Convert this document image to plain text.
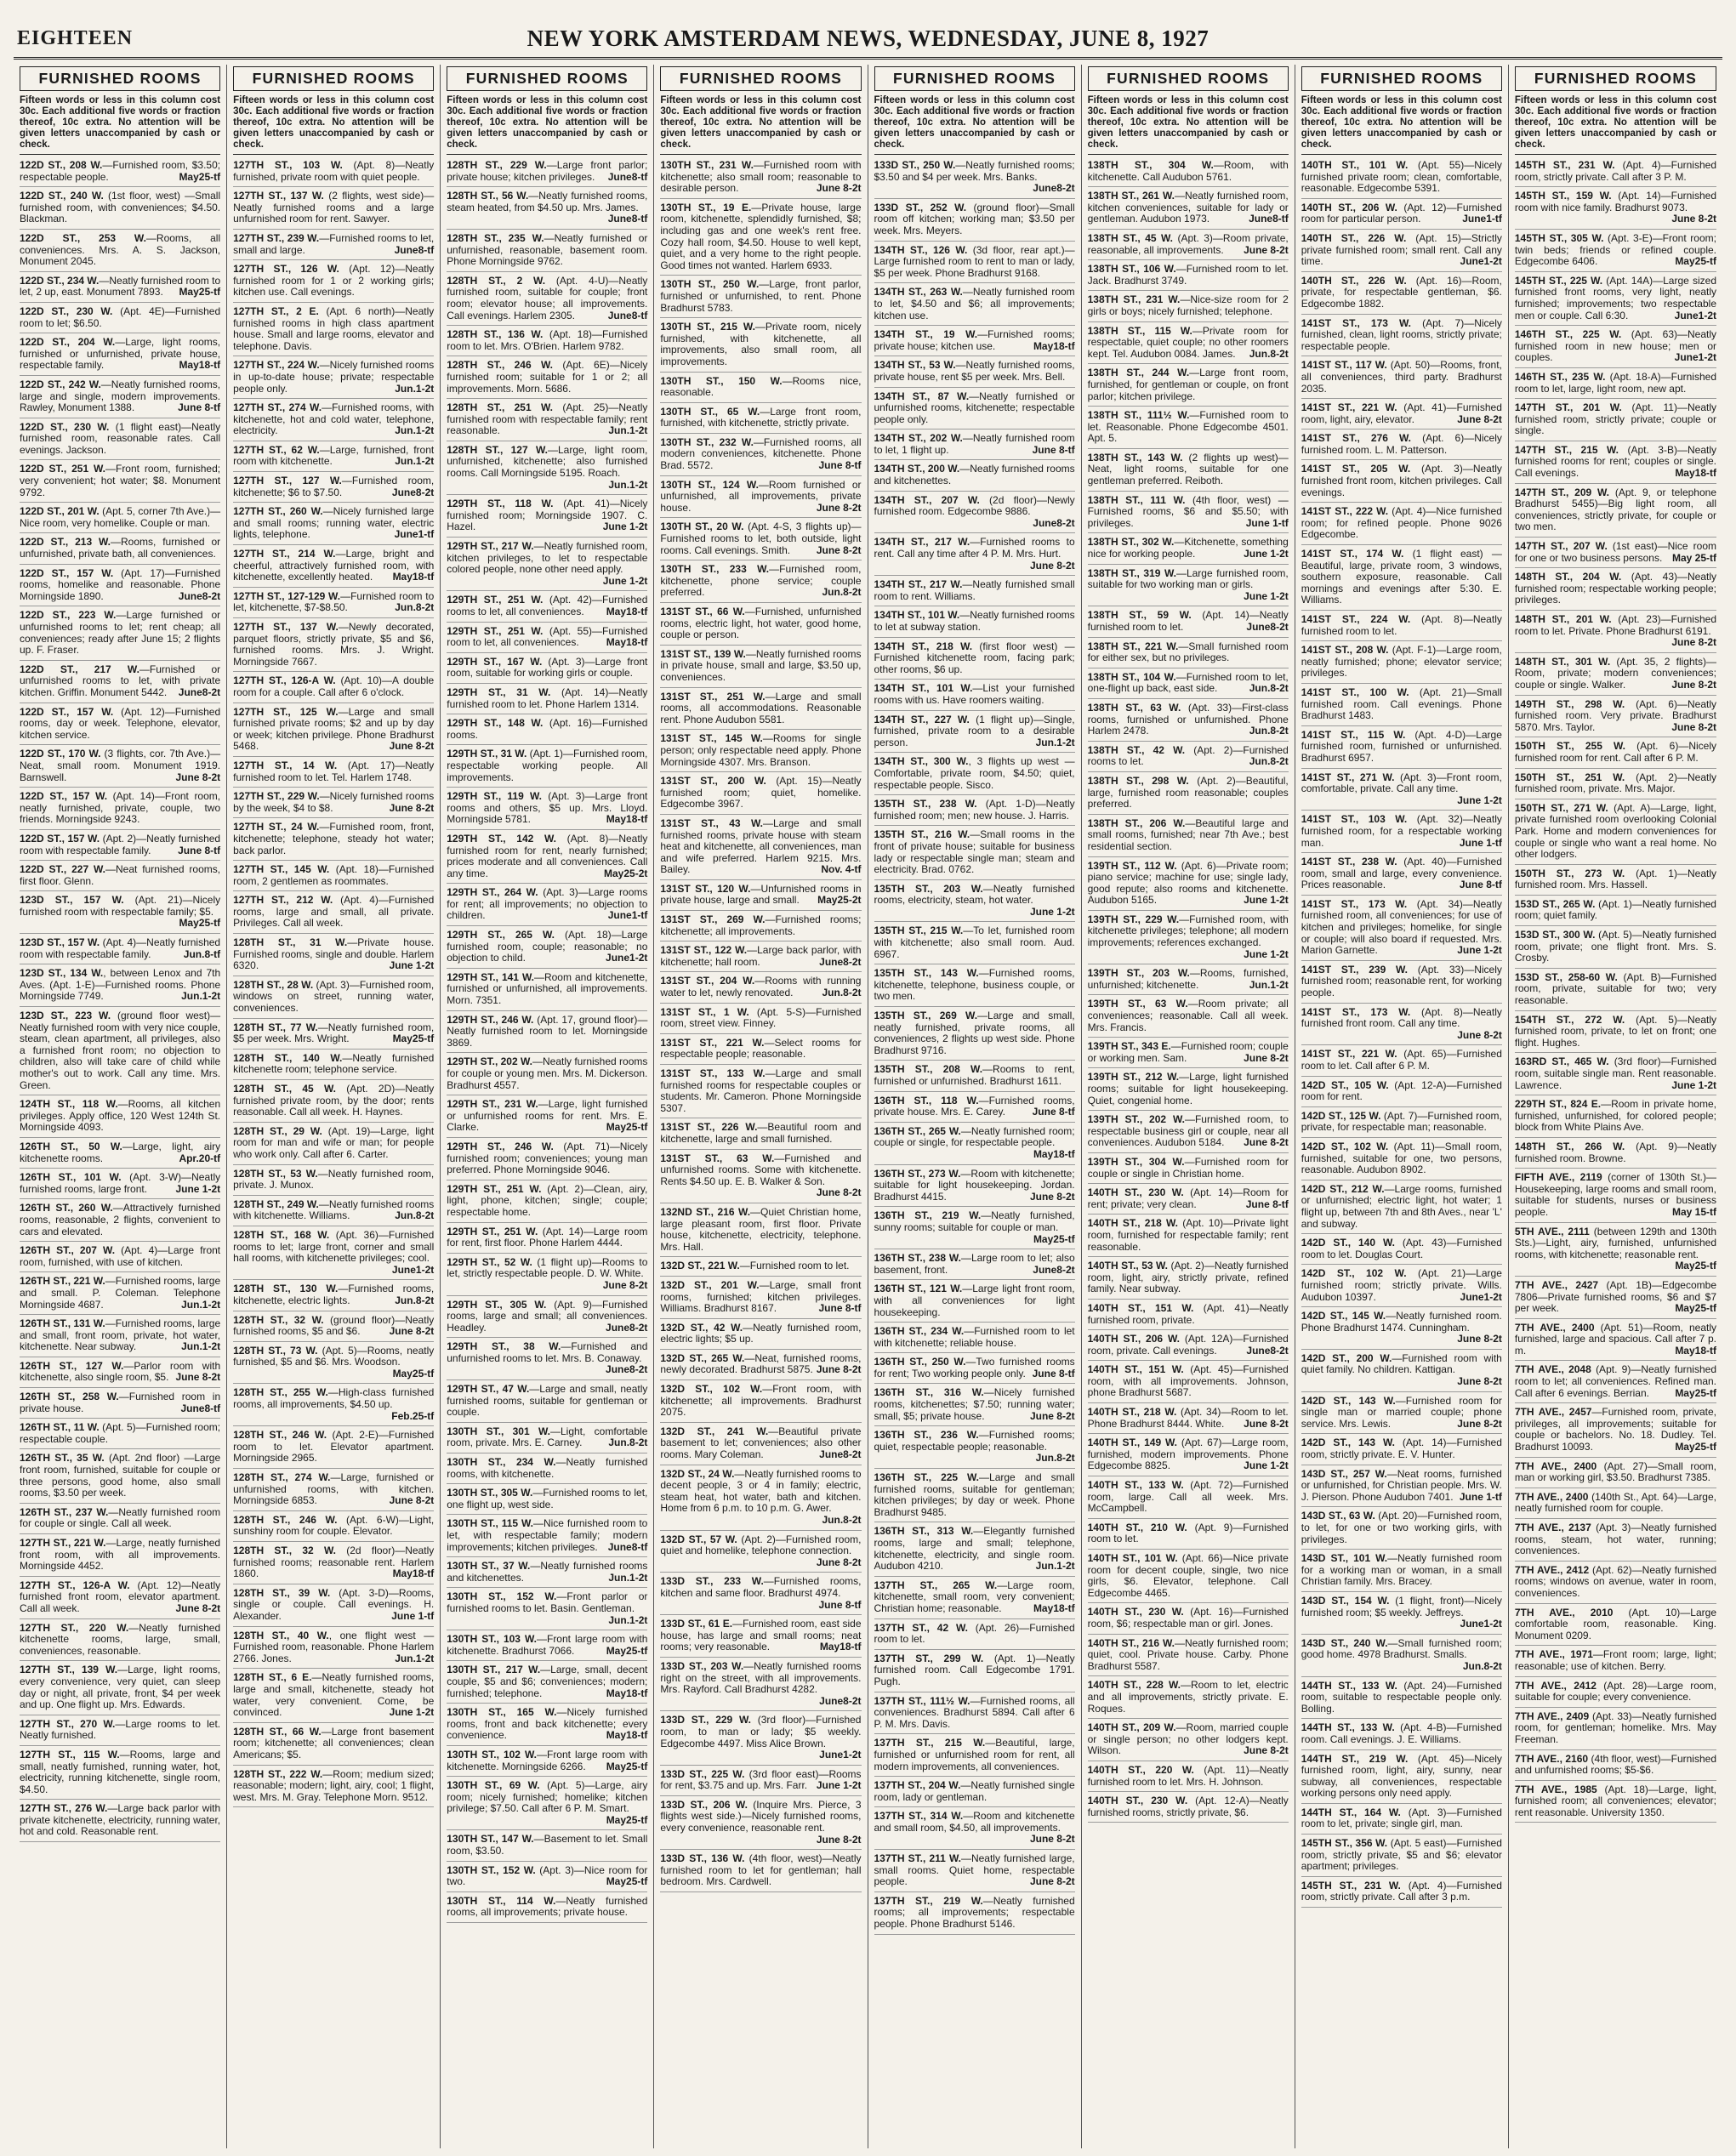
EIGHTEEN	NEW YORK AMSTERDAM NEWS, WEDNESDAY, JUNE 8, 1927
FURNISHED ROOMS
Fifteen words or less in this column cost 30c. Each additional five words or fraction thereof, 10c extra. No attention will be given letters unaccompanied by cash or check.

122D ST., 208 W.—Furnished room, $3.50; respectable people.	May25-tf

122D ST., 240 W. (1st floor, west) —Small furnished room, with conveniences; $4.50. Blackman.

122D ST., 253 W.—Rooms, all conveniences. Mrs. A. S. Jackson, Monument 2045.

122D ST., 234 W.—Neatly furnished room to let, 2 up, east. Monument 7893.	May25-tf

122D ST., 230 W. (Apt. 4E)—Furnished room to let; $6.50.

122D ST., 204 W.—Large, light rooms, furnished or unfurnished, private house, respectable family.	May18-tf

122D ST., 242 W.—Neatly furnished rooms, large and single, modern improvements. Rawley, Monument 1388.	June 8-tf

122D ST., 230 W. (1 flight east)—Neatly furnished room, reasonable rates. Call evenings. Jackson.

122D ST., 251 W.—Front room, furnished; very convenient; hot water; $8. Monument 9792.

122D ST., 201 W. (Apt. 5, corner 7th Ave.)—Nice room, very homelike. Couple or man.

122D ST., 213 W.—Rooms, furnished or unfurnished, private bath, all conveniences.

122D ST., 157 W. (Apt. 17)—Furnished rooms, homelike and reasonable. Phone Morningside 1890.	June8-2t

122D ST., 223 W.—Large furnished or unfurnished rooms to let; rent cheap; all conveniences; ready after June 15; 2 flights up. F. Fraser.

122D ST., 217 W.—Furnished or unfurnished rooms to let, with private kitchen. Griffin. Monument 5442.	June8-2t

122D ST., 157 W. (Apt. 12)—Furnished rooms, day or week. Telephone, elevator, kitchen service.

122D ST., 170 W. (3 flights, cor. 7th Ave.)—Neat, small room. Monument 1919. Barnswell.	June 8-2t

122D ST., 157 W. (Apt. 14)—Front room, neatly furnished, private, couple, two friends. Morningside 9243.

122D ST., 157 W. (Apt. 2)—Neatly furnished room with respectable family.	June 8-tf

122D ST., 227 W.—Neat furnished rooms, first floor. Glenn.

123D ST., 157 W. (Apt. 21)—Nicely furnished room with respectable family; $5.
May25-tf

123D ST., 157 W. (Apt. 4)—Neatly furnished room with respectable family.	Jun.8-tf

123D ST., 134 W., between Lenox and 7th Aves. (Apt. 1-E)—Furnished rooms. Phone Morningside 7749.	Jun.1-2t

123D ST., 223 W. (ground floor west)—Neatly furnished room with very nice couple, steam, clean apartment, all privileges, also a furnished front room; no objection to children, also will take care of child while mother's out to work. Call any time. Mrs. Green.

124TH ST., 118 W.—Rooms, all kitchen privileges. Apply office, 120 West 124th St. Morningside 4093.

126TH ST., 50 W.—Large, light, airy kitchenette rooms.	Apr.20-tf

126TH ST., 101 W. (Apt. 3-W)—Neatly furnished rooms, large front.	June 1-2t

126TH ST., 260 W.—Attractively furnished rooms, reasonable, 2 flights, convenient to cars and elevated.

126TH ST., 207 W. (Apt. 4)—Large front room, furnished, with use of kitchen.

126TH ST., 221 W.—Furnished rooms, large and small. P. Coleman. Telephone Morningside 4687.	Jun.1-2t

126TH ST., 131 W.—Furnished rooms, large and small, front room, private, hot water, kitchenette. Near subway.	Jun.1-2t

126TH ST., 127 W.—Parlor room with kitchenette, also single room, $5. June 8-2t

126TH ST., 258 W.—Furnished room in private house.	June8-tf

126TH ST., 11 W. (Apt. 5)—Furnished room; respectable couple.

126TH ST., 35 W. (Apt. 2nd floor) —Large front room, furnished, suitable for couple or three persons, good home, also small rooms, $3.50 per week.

126TH ST., 237 W.—Neatly furnished room for couple or single. Call all week.

127TH ST., 221 W.—Large, neatly furnished front room, with all improvements. Morningside 4452.

127TH ST., 126-A W. (Apt. 12)—Neatly furnished front room, elevator apartment. Call all week.	June 8-2t

127TH ST., 220 W.—Neatly furnished kitchenette rooms, large, small, conveniences, reasonable.

127TH ST., 139 W.—Large, light rooms, every convenience, very quiet, can sleep day or night, all private, front, $4 per week and up. One flight up. Mrs. Edwards.

127TH ST., 270 W.—Large rooms to let. Neatly furnished.

127TH ST., 115 W.—Rooms, large and small, neatly furnished, running water, hot, electricity, running kitchenette, single room, $4.50.

127TH ST., 276 W.—Large back parlor with private kitchenette, electricity, running water, hot and cold. Reasonable rent.

FURNISHED ROOMS
Fifteen words or less in this column cost 30c. Each additional five words or fraction thereof, 10c extra. No attention will be given letters unaccompanied by cash or check.

127TH ST., 103 W. (Apt. 8)—Neatly furnished, private room with quiet people.

127TH ST., 137 W. (2 flights, west side)—Neatly furnished rooms and a large unfurnished room for rent. Sawyer.

127TH ST., 239 W.—Furnished rooms to let, small and large.	June8-tf

127TH ST., 126 W. (Apt. 12)—Neatly furnished room for 1 or 2 working girls; kitchen use. Call evenings.

127TH ST., 2 E. (Apt. 6 north)—Neatly furnished rooms in high class apartment house. Small and large rooms, elevator and telephone. Davis.

127TH ST., 224 W.—Nicely furnished rooms in up-to-date house; private; respectable people only.	Jun.1-2t

127TH ST., 274 W.—Furnished rooms, with kitchenette, hot and cold water, telephone, electricity.	Jun.1-2t

127TH ST., 62 W.—Large, furnished, front room with kitchenette.	Jun.1-2t

127TH ST., 127 W.—Furnished room, kitchenette; $6 to $7.50.	June8-2t

127TH ST., 260 W.—Nicely furnished large and small rooms; running water, electric lights, telephone.	June1-tf

127TH ST., 214 W.—Large, bright and cheerful, attractively furnished room, with kitchenette, excellently heated.	May18-tf

127TH ST., 127-129 W.—Furnished room to let, kitchenette, $7-$8.50.	Jun.8-2t

127TH ST., 137 W.—Newly decorated, parquet floors, strictly private, $5 and $6, furnished rooms. Mrs. J. Wright. Morningside 7667.

127TH ST., 126-A W. (Apt. 10)—A double room for a couple. Call after 6 o'clock.

127TH ST., 125 W.—Large and small furnished private rooms; $2 and up by day or week; kitchen privilege. Phone Bradhurst 5468.	June 8-2t

127TH ST., 14 W. (Apt. 17)—Neatly furnished room to let. Tel. Harlem 1748.

127TH ST., 229 W.—Nicely furnished rooms by the week, $4 to $8.	June 8-2t

127TH ST., 24 W.—Furnished room, front, kitchenette; telephone, steady hot water; back parlor.

127TH ST., 145 W. (Apt. 18)—Furnished room, 2 gentlemen as roommates.

127TH ST., 212 W. (Apt. 4)—Furnished rooms, large and small, all private. Privileges. Call all week.

128TH ST., 31 W.—Private house. Furnished rooms, single and double. Harlem 6320.	June 1-2t

128TH ST., 28 W. (Apt. 3)—Furnished room, windows on street, running water, conveniences.

128TH ST., 77 W.—Neatly furnished room, $5 per week. Mrs. Wright.	May25-tf

128TH ST., 140 W.—Neatly furnished kitchenette room; telephone service.

128TH ST., 45 W. (Apt. 2D)—Neatly furnished private room, by the door; rents reasonable. Call all week. H. Haynes.

128TH ST., 29 W. (Apt. 19)—Large, light room for man and wife or man; for people who work only. Call after 6. Carter.

128TH ST., 53 W.—Neatly furnished room, private. J. Munox.

128TH ST., 249 W.—Neatly furnished rooms with kitchenette. Williams.	Jun.8-2t

128TH ST., 168 W. (Apt. 36)—Furnished rooms to let; large front, corner and small hall rooms, with kitchenette privileges; cool.
June1-2t

128TH ST., 130 W.—Furnished rooms, kitchenette, electric lights.	Jun.8-2t

128TH ST., 32 W. (ground floor)—Neatly furnished rooms, $5 and $6.	June 8-2t

128TH ST., 73 W. (Apt. 5)—Rooms, neatly furnished, $5 and $6. Mrs. Woodson.
May25-tf

128TH ST., 255 W.—High-class furnished rooms, all improvements, $4.50 up.
Feb.25-tf

128TH ST., 246 W. (Apt. 2-E)—Furnished room to let. Elevator apartment. Morningside 2965.

128TH ST., 274 W.—Large, furnished or unfurnished rooms, with kitchen. Morningside 6853.	June 8-2t

128TH ST., 246 W. (Apt. 6-W)—Light, sunshiny room for couple. Elevator.

128TH ST., 32 W. (2d floor)—Neatly furnished rooms; reasonable rent. Harlem 1860.	May18-tf

128TH ST., 39 W. (Apt. 3-D)—Rooms, single or couple. Call evenings. H. Alexander.	June 1-tf

128TH ST., 40 W., one flight west —Furnished room, reasonable. Phone Harlem 2766. Jones.	Jun.1-2t

128TH ST., 6 E.—Neatly furnished rooms, large and small, kitchenette, steady hot water, very convenient. Come, be convinced.	June 1-2t

128TH ST., 66 W.—Large front basement room; kitchenette; all conveniences; clean Americans; $5.

128TH ST., 222 W.—Room; medium sized; reasonable; modern; light, airy, cool; 1 flight, west. Mrs. M. Gray. Telephone Morn. 9512.

FURNISHED ROOMS
Fifteen words or less in this column cost 30c. Each additional five words or fraction thereof, 10c extra. No attention will be given letters unaccompanied by cash or check.

128TH ST., 229 W.—Large front parlor; private house; kitchen privileges.	June8-tf

128TH ST., 56 W.—Neatly furnished rooms, steam heated, from $4.50 up. Mrs. James.
June8-tf

128TH ST., 235 W.—Neatly furnished or unfurnished, reasonable, basement room. Phone Morningside 9762.

128TH ST., 2 W. (Apt. 4-U)—Neatly furnished room, suitable for couple; front room; elevator house; all improvements. Call evenings. Harlem 2305.	June8-tf

128TH ST., 136 W. (Apt. 18)—Furnished room to let. Mrs. O'Brien. Harlem 9782.

128TH ST., 246 W. (Apt. 6E)—Nicely furnished room; suitable for 1 or 2; all improvements. Morn. 5686.

128TH ST., 251 W. (Apt. 25)—Neatly furnished room with respectable family; rent reasonable.	Jun.1-2t

128TH ST., 127 W.—Large, light room, unfurnished, kitchenette; also furnished rooms. Call Morningside 5195. Roach.
Jun.1-2t

129TH ST., 118 W. (Apt. 41)—Nicely furnished room; Morningside 1907. C. Hazel.	June 1-2t

129TH ST., 217 W.—Neatly furnished room, kitchen privileges, to let to respectable colored people, none other need apply.
June 1-2t

129TH ST., 251 W. (Apt. 42)—Furnished rooms to let, all conveniences.	May18-tf

129TH ST., 251 W. (Apt. 55)—Furnished room to let, all conveniences.	May18-tf

129TH ST., 167 W. (Apt. 3)—Large front room, suitable for working girls or couple.

129TH ST., 31 W. (Apt. 14)—Neatly furnished room to let. Phone Harlem 1314.

129TH ST., 148 W. (Apt. 16)—Furnished rooms.

129TH ST., 31 W. (Apt. 1)—Furnished room, respectable working people. All improvements.

129TH ST., 119 W. (Apt. 3)—Large front rooms and others, $5 up. Mrs. Lloyd. Morningside 5781.	May18-tf

129TH ST., 142 W. (Apt. 8)—Neatly furnished room for rent, nearly furnished; prices moderate and all conveniences. Call any time.	May25-2t

129TH ST., 264 W. (Apt. 3)—Large rooms for rent; all improvements; no objection to children.	June1-tf

129TH ST., 265 W. (Apt. 18)—Large furnished room, couple; reasonable; no objection to child.	June1-2t

129TH ST., 141 W.—Room and kitchenette, furnished or unfurnished, all improvements. Morn. 7351.

129TH ST., 246 W. (Apt. 17, ground floor)—Neatly furnished room to let. Morningside 3869.

129TH ST., 202 W.—Neatly furnished rooms for couple or young men. Mrs. M. Dickerson. Bradhurst 4557.

129TH ST., 231 W.—Large, light furnished or unfurnished rooms for rent. Mrs. E. Clarke.	May25-tf

129TH ST., 246 W. (Apt. 71)—Nicely furnished room; conveniences; young man preferred. Phone Morningside 9046.

129TH ST., 251 W. (Apt. 2)—Clean, airy, light, phone, kitchen; single; couple; respectable home.

129TH ST., 251 W. (Apt. 14)—Large room for rent, first floor. Phone Harlem 4444.

129TH ST., 52 W. (1 flight up)—Rooms to let, strictly respectable people. D. W. White.
June 8-2t

129TH ST., 305 W. (Apt. 9)—Furnished rooms, large and small; all conveniences. Headley.	June8-2t

129TH ST., 38 W.—Furnished and unfurnished rooms to let. Mrs. B. Conaway.
June8-2t

129TH ST., 47 W.—Large and small, neatly furnished rooms, suitable for gentleman or couple.

130TH ST., 301 W.—Light, comfortable room, private. Mrs. E. Carney.	Jun.8-2t

130TH ST., 234 W.—Neatly furnished rooms, with kitchenette.

130TH ST., 305 W.—Furnished rooms to let, one flight up, west side.

130TH ST., 115 W.—Nice furnished room to let, with respectable family; modern improvements; kitchen privileges.	June8-tf

130TH ST., 37 W.—Neatly furnished rooms and kitchenettes.	Jun.1-2t

130TH ST., 152 W.—Front parlor or furnished rooms to let. Basin. Gentleman.
Jun.1-2t

130TH ST., 103 W.—Front large room with kitchenette. Bradhurst 7066.	May25-tf

130TH ST., 217 W.—Large, small, decent couple, $5 and $6; conveniences; modern; furnished; telephone.	May18-tf

130TH ST., 165 W.—Nicely furnished rooms, front and back kitchenette; every convenience.	May18-tf

130TH ST., 102 W.—Front large room with kitchenette. Morningside 6266.	May25-tf

130TH ST., 69 W. (Apt. 5)—Large, airy room; nicely furnished; homelike; kitchen privilege; $7.50. Call after 6 P. M. Smart.
May25-tf

130TH ST., 147 W.—Basement to let. Small room, $3.50.

130TH ST., 152 W. (Apt. 3)—Nice room for two.	May25-tf

130TH ST., 114 W.—Neatly furnished rooms, all improvements; private house.

FURNISHED ROOMS
Fifteen words or less in this column cost 30c. Each additional five words or fraction thereof, 10c extra. No attention will be given letters unaccompanied by cash or check.

130TH ST., 231 W.—Furnished room with kitchenette; also small room; reasonable to desirable person.	June 8-2t

130TH ST., 19 E.—Private house, large room, kitchenette, splendidly furnished, $8; including gas and one week's rent free. Cozy hall room, $4.50. House to well kept, quiet, and a very home to the right people. Good times not wanted. Harlem 6933.

130TH ST., 250 W.—Large, front parlor, furnished or unfurnished, to rent. Phone Bradhurst 5783.

130TH ST., 215 W.—Private room, nicely furnished, with kitchenette, all improvements, also small room, all improvements.

130TH ST., 150 W.—Rooms nice, reasonable.

130TH ST., 65 W.—Large front room, furnished, with kitchenette, strictly private.

130TH ST., 232 W.—Furnished rooms, all modern conveniences, kitchenette. Phone Brad. 5572.	June 8-tf

130TH ST., 124 W.—Room furnished or unfurnished, all improvements, private house.	June 8-2t

130TH ST., 20 W. (Apt. 4-S, 3 flights up)—Furnished rooms to let, both outside, light rooms. Call evenings. Smith.	June 8-2t

130TH ST., 233 W.—Furnished room, kitchenette, phone service; couple preferred.	Jun.8-2t

131ST ST., 66 W.—Furnished, unfurnished rooms, electric light, hot water, good home, couple or person.

131ST ST., 139 W.—Neatly furnished rooms in private house, small and large, $3.50 up, conveniences.

131ST ST., 251 W.—Large and small rooms, all accommodations. Reasonable rent. Phone Audubon 5581.

131ST ST., 145 W.—Rooms for single person; only respectable need apply. Phone Morningside 4307. Mrs. Branson.

131ST ST., 200 W. (Apt. 15)—Neatly furnished room; quiet, homelike. Edgecombe 3967.

131ST ST., 43 W.—Large and small furnished rooms, private house with steam heat and kitchenette, all conveniences, man and wife preferred. Harlem 9215. Mrs. Bailey.	Nov. 4-tf

131ST ST., 120 W.—Unfurnished rooms in private house, large and small.	May25-2t

131ST ST., 269 W.—Furnished rooms; kitchenette; all improvements.

131ST ST., 122 W.—Large back parlor, with kitchenette; hall room.	June8-2t

131ST ST., 204 W.—Rooms with running water to let, newly renovated.	Jun.8-2t

131ST ST., 1 W. (Apt. 5-S)—Furnished room, street view. Finney.

131ST ST., 221 W.—Select rooms for respectable people; reasonable.

131ST ST., 133 W.—Large and small furnished rooms for respectable couples or students. Mr. Cameron. Phone Morningside 5307.

131ST ST., 226 W.—Beautiful room and kitchenette, large and small furnished.

131ST ST., 63 W.—Furnished and unfurnished rooms. Some with kitchenette. Rents $4.50 up. E. B. Walker & Son.
June 8-2t

132ND ST., 216 W.—Quiet Christian home, large pleasant room, first floor. Private house, kitchenette, electricity, telephone. Mrs. Hall.

132D ST., 221 W.—Furnished room to let.

132D ST., 201 W.—Large, small front rooms, furnished; kitchen privileges. Williams. Bradhurst 8167.	June 8-tf

132D ST., 42 W.—Neatly furnished room, electric lights; $5 up.

132D ST., 265 W.—Neat, furnished rooms, newly decorated. Bradhurst 5875. June 8-2t

132D ST., 102 W.—Front room, with kitchenette; all improvements. Bradhurst 2075.

132D ST., 241 W.—Beautiful private basement to let; conveniences; also other rooms. Mary Coleman.	June8-2t

132D ST., 24 W.—Neatly furnished rooms to decent people, 3 or 4 in family; electric, steam heat, hot water, bath and kitchen. Home from 6 p.m. to 10 p.m. G. Awer.
Jun.8-2t

132D ST., 57 W. (Apt. 2)—Furnished room, quiet and homelike, telephone connection.
June 8-2t

133D ST., 233 W.—Furnished rooms, kitchen and same floor. Bradhurst 4974.
June 8-tf

133D ST., 61 E.—Furnished room, east side house, has large and small rooms; neat rooms; very reasonable.	May18-tf

133D ST., 203 W.—Neatly furnished rooms right on the street, with all improvements. Mrs. Rayford. Call Bradhurst 4282.
June8-2t

133D ST., 229 W. (3rd floor)—Furnished room, to man or lady; $5 weekly. Edgecombe 4497. Miss Alice Brown.
June1-2t

133D ST., 225 W. (3rd floor east)—Rooms for rent, $3.75 and up. Mrs. Farr. June 1-2t

133D ST., 206 W. (Inquire Mrs. Pierce, 3 flights west side.)—Nicely furnished rooms, every convenience, reasonable rent.
June 8-2t

133D ST., 136 W. (4th floor, west)—Neatly furnished room to let for gentleman; hall bedroom. Mrs. Cardwell.

FURNISHED ROOMS
Fifteen words or less in this column cost 30c. Each additional five words or fraction thereof, 10c extra. No attention will be given letters unaccompanied by cash or check.

133D ST., 250 W.—Neatly furnished rooms; $3.50 and $4 per week. Mrs. Banks.
June8-2t

133D ST., 252 W. (ground floor)—Small room off kitchen; working man; $3.50 per week. Mrs. Meyers.

134TH ST., 126 W. (3d floor, rear apt.)—Large furnished room to rent to man or lady, $5 per week. Phone Bradhurst 9168.

134TH ST., 263 W.—Neatly furnished room to let, $4.50 and $6; all improvements; kitchen use.

134TH ST., 19 W.—Furnished rooms; private house; kitchen use.	May18-tf

134TH ST., 53 W.—Neatly furnished rooms, private house, rent $5 per week. Mrs. Bell.

134TH ST., 87 W.—Neatly furnished or unfurnished rooms, kitchenette; respectable people only.

134TH ST., 202 W.—Neatly furnished room to let, 1 flight up.	June 8-tf

134TH ST., 200 W.—Neatly furnished rooms and kitchenettes.

134TH ST., 207 W. (2d floor)—Newly furnished room. Edgecombe 9886.
June8-2t

134TH ST., 217 W.—Furnished rooms to rent. Call any time after 4 P. M. Mrs. Hurt.
June 8-2t

134TH ST., 217 W.—Neatly furnished small room to rent. Williams.

134TH ST., 101 W.—Neatly furnished rooms to let at subway station.

134TH ST., 218 W. (first floor west) —Furnished kitchenette room, facing park; other rooms, $6 up.

134TH ST., 101 W.—List your furnished rooms with us. Have roomers waiting.

134TH ST., 227 W. (1 flight up)—Single, furnished, private room to a desirable person.	Jun.1-2t

134TH ST., 300 W., 3 flights up west — Comfortable, private room, $4.50; quiet, respectable people. Sisco.

135TH ST., 238 W. (Apt. 1-D)—Neatly furnished room; men; new house. J. Harris.

135TH ST., 216 W.—Small rooms in the front of private house; suitable for business lady or respectable single man; steam and electricity. Brad. 0762.

135TH ST., 203 W.—Neatly furnished rooms, electricity, steam, hot water.
June 1-2t

135TH ST., 215 W.—To let, furnished room with kitchenette; also small room. Aud. 6967.

135TH ST., 143 W.—Furnished rooms, kitchenette, telephone, business couple, or two men.

135TH ST., 269 W.—Large and small, neatly furnished, private rooms, all conveniences, 2 flights up west side. Phone Bradhurst 9716.

135TH ST., 208 W.—Rooms to rent, furnished or unfurnished. Bradhurst 1611.

136TH ST., 118 W.—Furnished rooms, private house. Mrs. E. Carey.	June 8-tf

136TH ST., 265 W.—Neatly furnished room; couple or single, for respectable people.
May18-tf

136TH ST., 273 W.—Room with kitchenette; suitable for light housekeeping. Jordan. Bradhurst 4415.	June 8-2t

136TH ST., 219 W.—Neatly furnished, sunny rooms; suitable for couple or man.
May25-tf

136TH ST., 238 W.—Large room to let; also basement, front.	June8-2t

136TH ST., 121 W.—Large light front room, with all conveniences for light housekeeping.

136TH ST., 234 W.—Furnished room to let with kitchenette; reliable house.

136TH ST., 250 W.—Two furnished rooms for rent; Two working people only. June 8-tf

136TH ST., 316 W.—Nicely furnished rooms, kitchenettes; $7.50; running water; small, $5; private house.	June 8-2t

136TH ST., 236 W.—Furnished rooms; quiet, respectable people; reasonable.
Jun.8-2t

136TH ST., 225 W.—Large and small furnished rooms, suitable for gentleman; kitchen privileges; by day or week. Phone Bradhurst 9485.

136TH ST., 313 W.—Elegantly furnished rooms, large and small; telephone, kitchenette, electricity, and single room. Audubon 4210.	Jun.1-2t

137TH ST., 265 W.—Large room, kitchenette, small room, very convenient; Christian home; reasonable.	May18-tf

137TH ST., 42 W. (Apt. 26)—Furnished room to let.

137TH ST., 299 W. (Apt. 1)—Neatly furnished room. Call Edgecombe 1791. Pugh.

137TH ST., 111½ W.—Furnished rooms, all conveniences. Bradhurst 5894. Call after 6 P. M. Mrs. Davis.

137TH ST., 215 W.—Beautiful, large, furnished or unfurnished room for rent, all modern improvements, all conveniences.

137TH ST., 204 W.—Neatly furnished single room, lady or gentleman.

137TH ST., 314 W.—Room and kitchenette and small room, $4.50, all improvements.
June 8-2t

137TH ST., 211 W.—Neatly furnished large, small rooms. Quiet home, respectable people.	June 8-2t

137TH ST., 219 W.—Neatly furnished rooms; all improvements; respectable people. Phone Bradhurst 5146.

FURNISHED ROOMS
Fifteen words or less in this column cost 30c. Each additional five words or fraction thereof, 10c extra. No attention will be given letters unaccompanied by cash or check.

138TH ST., 304 W.—Room, with kitchenette. Call Audubon 5761.

138TH ST., 261 W.—Neatly furnished room, kitchen conveniences, suitable for lady or gentleman. Audubon 1973.	June8-tf

138TH ST., 45 W. (Apt. 3)—Room private, reasonable, all improvements.	June 8-2t

138TH ST., 106 W.—Furnished room to let. Jack. Bradhurst 3749.

138TH ST., 231 W.—Nice-size room for 2 girls or boys; nicely furnished; telephone.

138TH ST., 115 W.—Private room for respectable, quiet couple; no other roomers kept. Tel. Audubon 0084. James.	Jun.8-2t

138TH ST., 244 W.—Large front room, furnished, for gentleman or couple, on front parlor; kitchen privilege.

138TH ST., 111½ W.—Furnished room to let. Reasonable. Phone Edgecombe 4501. Apt. 5.

138TH ST., 143 W. (2 flights up west)—Neat, light rooms, suitable for one gentleman preferred. Reiboth.

138TH ST., 111 W. (4th floor, west) —Furnished rooms, $6 and $5.50; with privileges.	June 1-tf

138TH ST., 302 W.—Kitchenette, something nice for working people.	June 1-2t

138TH ST., 319 W.—Large furnished room, suitable for two working man or girls.
June 1-2t

138TH ST., 59 W. (Apt. 14)—Neatly furnished room to let.	June8-2t

138TH ST., 221 W.—Small furnished room for either sex, but no privileges.

138TH ST., 104 W.—Furnished room to let, one-flight up back, east side.	Jun.8-2t

138TH ST., 63 W. (Apt. 33)—First-class rooms, furnished or unfurnished. Phone Harlem 2478.	Jun.8-2t

138TH ST., 42 W. (Apt. 2)—Furnished rooms to let.	Jun.8-2t

138TH ST., 298 W. (Apt. 2)—Beautiful, large, furnished room reasonable; couples preferred.

138TH ST., 206 W.—Beautiful large and small rooms, furnished; near 7th Ave.; best residential section.

139TH ST., 112 W. (Apt. 6)—Private room; piano service; machine for use; single lady, good repute; also rooms and kitchenette. Audubon 5165.	June 1-2t

139TH ST., 229 W.—Furnished room, with kitchenette privileges; telephone; all modern improvements; references exchanged.
June 1-2t

139TH ST., 203 W.—Rooms, furnished, unfurnished; kitchenette.	Jun.1-2t

139TH ST., 63 W.—Room private; all conveniences; reasonable. Call all week. Mrs. Francis.

139TH ST., 343 E.—Furnished room; couple or working men. Sam.	June 8-2t

139TH ST., 212 W.—Large, light furnished rooms; suitable for light housekeeping. Quiet, congenial home.

139TH ST., 202 W.—Furnished room, to respectable business girl or couple, near all conveniences. Audubon 5184.	June 8-2t

139TH ST., 304 W.—Furnished room for couple or single in Christian home.

140TH ST., 230 W. (Apt. 14)—Room for rent; private; very clean.	June 8-tf

140TH ST., 218 W. (Apt. 10)—Private light room, furnished for respectable family; rent reasonable.

140TH ST., 53 W. (Apt. 2)—Neatly furnished room, light, airy, strictly private, refined family. Near subway.

140TH ST., 151 W. (Apt. 41)—Neatly furnished room, private.

140TH ST., 206 W. (Apt. 12A)—Furnished room, private. Call evenings.	June8-2t

140TH ST., 151 W. (Apt. 45)—Furnished room, with all improvements. Johnson, phone Bradhurst 5687.

140TH ST., 218 W. (Apt. 34)—Room to let. Phone Bradhurst 8444. White.	June 8-2t

140TH ST., 149 W. (Apt. 67)—Large room, furnished, modern improvements. Phone Edgecombe 8825.	June 1-2t

140TH ST., 133 W. (Apt. 72)—Furnished room, large. Call all week. Mrs. McCampbell.

140TH ST., 210 W. (Apt. 9)—Furnished room to let.

140TH ST., 101 W. (Apt. 66)—Nice private room for decent couple, single, two nice girls, $6. Elevator, telephone. Call Edgecombe 4465.

140TH ST., 230 W. (Apt. 16)—Furnished room, $6; respectable man or girl. Jones.

140TH ST., 216 W.—Neatly furnished room; quiet, cool. Private house. Carby. Phone Bradhurst 5587.

140TH ST., 228 W.—Room to let, electric and all improvements, strictly private. E. Roques.

140TH ST., 209 W.—Room, married couple or single person; no other lodgers kept. Wilson.	June 8-2t

140TH ST., 220 W. (Apt. 11)—Neatly furnished room to let. Mrs. H. Johnson.

140TH ST., 230 W. (Apt. 12-A)—Neatly furnished rooms, strictly private, $6.

FURNISHED ROOMS
Fifteen words or less in this column cost 30c. Each additional five words or fraction thereof, 10c extra. No attention will be given letters unaccompanied by cash or check.

140TH ST., 101 W. (Apt. 55)—Nicely furnished private room; clean, comfortable, reasonable. Edgecombe 5391.

140TH ST., 206 W. (Apt. 12)—Furnished room for particular person.	June1-tf

140TH ST., 226 W. (Apt. 15)—Strictly private furnished room; small rent. Call any time.	June1-2t

140TH ST., 226 W. (Apt. 16)—Room, private, for respectable gentleman, $6. Edgecombe 1882.

141ST ST., 173 W. (Apt. 7)—Nicely furnished, clean, light rooms, strictly private; respectable people.

141ST ST., 117 W. (Apt. 50)—Rooms, front, all conveniences, third party. Bradhurst 2035.

141ST ST., 221 W. (Apt. 41)—Furnished room, light, airy, elevator.	June 8-2t

141ST ST., 276 W. (Apt. 6)—Nicely furnished room. L. M. Patterson.

141ST ST., 205 W. (Apt. 3)—Neatly furnished front room, kitchen privileges. Call evenings.

141ST ST., 222 W. (Apt. 4)—Nice furnished room; for refined people. Phone 9026 Edgecombe.

141ST ST., 174 W. (1 flight east) —Beautiful, large, private room, 3 windows, southern exposure, reasonable. Call mornings and evenings after 5:30. E. Williams.

141ST ST., 224 W. (Apt. 8)—Neatly furnished room to let.

141ST ST., 208 W. (Apt. F-1)—Large room, neatly furnished; phone; elevator service; privileges.

141ST ST., 100 W. (Apt. 21)—Small furnished room. Call evenings. Phone Bradhurst 1483.

141ST ST., 115 W. (Apt. 4-D)—Large furnished room, furnished or unfurnished. Bradhurst 6957.

141ST ST., 271 W. (Apt. 3)—Front room, comfortable, private. Call any time.
June 1-2t

141ST ST., 103 W. (Apt. 32)—Neatly furnished room, for a respectable working man.	June 1-tf

141ST ST., 238 W. (Apt. 40)—Furnished room, small and large, every convenience. Prices reasonable.	June 8-tf

141ST ST., 173 W. (Apt. 34)—Neatly furnished room, all conveniences; for use of kitchen and privileges; homelike, for single or couple; will also board if requested. Mrs. Marion Garnette.	June 1-2t

141ST ST., 239 W. (Apt. 33)—Nicely furnished room; reasonable rent, for working people.

141ST ST., 173 W. (Apt. 8)—Neatly furnished front room. Call any time.
June 8-2t

141ST ST., 221 W. (Apt. 65)—Furnished room to let. Call after 6 P. M.

142D ST., 105 W. (Apt. 12-A)—Furnished room for rent.

142D ST., 125 W. (Apt. 7)—Furnished room, private, for respectable man; reasonable.

142D ST., 102 W. (Apt. 11)—Small room, furnished, suitable for one, two persons, reasonable. Audubon 8902.

142D ST., 212 W.—Large rooms, furnished or unfurnished; electric light, hot water; 1 flight up, between 7th and 8th Aves., near 'L' and subway.

142D ST., 140 W. (Apt. 43)—Furnished room to let. Douglas Court.

142D ST., 102 W. (Apt. 21)—Large furnished room; strictly private. Wills. Audubon 10397.	June1-2t

142D ST., 145 W.—Neatly furnished room. Phone Bradhurst 1474. Cunningham.
June 8-2t

142D ST., 200 W.—Furnished room with quiet family. No children. Kattigan.
June 8-2t

142D ST., 143 W.—Furnished room for single man or married couple; phone service. Mrs. Lewis.	June 8-2t

142D ST., 143 W. (Apt. 14)—Furnished room, strictly private. E. V. Hunter.

143D ST., 257 W.—Neat rooms, furnished or unfurnished, for Christian people. Mrs. W. J. Pierson. Phone Audubon 7401. June 1-tf

143D ST., 63 W. (Apt. 20)—Furnished room, to let, for one or two working girls, with privileges.

143D ST., 101 W.—Neatly furnished room for a working man or woman, in a small Christian family. Mrs. Bracey.

143D ST., 154 W. (1 flight, front)—Nicely furnished room; $5 weekly. Jeffreys.
June1-2t

143D ST., 240 W.—Small furnished room; good home. 4978 Bradhurst. Smalls.
Jun.8-2t

144TH ST., 133 W. (Apt. 24)—Furnished room, suitable to respectable people only. Bolling.

144TH ST., 133 W. (Apt. 4-B)—Furnished room. Call evenings. J. E. Williams.

144TH ST., 219 W. (Apt. 45)—Nicely furnished room, light, airy, sunny, near subway, all conveniences, respectable working persons only need apply.

144TH ST., 164 W. (Apt. 3)—Furnished room to let, private; single girl, man.

145TH ST., 356 W. (Apt. 5 east)—Furnished room, strictly private, $5 and $6; elevator apartment; privileges.

145TH ST., 231 W. (Apt. 4)—Furnished room, strictly private. Call after 3 p.m.

FURNISHED ROOMS
Fifteen words or less in this column cost 30c. Each additional five words or fraction thereof, 10c extra. No attention will be given letters unaccompanied by cash or check.

145TH ST., 231 W. (Apt. 4)—Furnished room, strictly private. Call after 3 P. M.

145TH ST., 159 W. (Apt. 14)—Furnished room with nice family. Bradhurst 9073.
June 8-2t

145TH ST., 305 W. (Apt. 3-E)—Front room; twin beds; friends or refined couple. Edgecombe 6406.	May25-tf

145TH ST., 225 W. (Apt. 14A)—Large sized furnished front rooms, very light, neatly furnished; improvements; two respectable men or couple. Call 6:30.	June1-2t

146TH ST., 225 W. (Apt. 63)—Neatly furnished room in new house; men or couples.	June1-2t

146TH ST., 235 W. (Apt. 18-A)—Furnished room to let, large, light room, new apt.

147TH ST., 201 W. (Apt. 11)—Neatly furnished room, strictly private; couple or single.

147TH ST., 215 W. (Apt. 3-B)—Neatly furnished rooms for rent; couples or single. Call evenings.	May18-tf

147TH ST., 209 W. (Apt. 9, or telephone Bradhurst 5455)—Big light room, all conveniences, strictly private, for couple or two men.

147TH ST., 207 W. (1st east)—Nice room for one or two business persons. May 25-tf

148TH ST., 204 W. (Apt. 43)—Neatly furnished room; respectable working people; privileges.

148TH ST., 201 W. (Apt. 23)—Furnished room to let. Private. Phone Bradhurst 6191.
June 8-2t

148TH ST., 301 W. (Apt. 35, 2 flights)—Room, private; modern conveniences; couple or single. Walker.	June 8-2t

149TH ST., 298 W. (Apt. 6)—Neatly furnished room. Very private. Bradhurst 5870. Mrs. Taylor.	June 8-2t

150TH ST., 255 W. (Apt. 6)—Nicely furnished room for rent. Call after 6 P. M.

150TH ST., 251 W. (Apt. 2)—Neatly furnished room, private. Mrs. Major.

150TH ST., 271 W. (Apt. A)—Large, light, private furnished room overlooking Colonial Park. Home and modern conveniences for couple or single who want a real home. No other lodgers.

150TH ST., 273 W. (Apt. 1)—Neatly furnished room. Mrs. Hassell.

153D ST., 265 W. (Apt. 1)—Neatly furnished room; quiet family.

153D ST., 300 W. (Apt. 5)—Neatly furnished room, private; one flight front. Mrs. S. Crosby.

153D ST., 258-60 W. (Apt. B)—Furnished room, private, suitable for two; very reasonable.

154TH ST., 272 W. (Apt. 5)—Neatly furnished room, private, to let on front; one flight. Hughes.

163RD ST., 465 W. (3rd floor)—Furnished room, suitable single man. Rent reasonable. Lawrence.	June 1-2t

229TH ST., 824 E.—Room in private home, furnished, unfurnished, for colored people; block from White Plains Ave.

148TH ST., 266 W. (Apt. 9)—Neatly furnished room. Browne.

FIFTH AVE., 2119 (corner of 130th St.)—Housekeeping, large rooms and small room, suitable for students, nurses or business people.	May 15-tf

5TH AVE., 2111 (between 129th and 130th Sts.)—Light, airy, furnished, unfurnished rooms, with kitchenette; reasonable rent.
May25-tf

7TH AVE., 2427 (Apt. 1B)—Edgecombe 7806—Private furnished rooms, $6 and $7 per week.	May25-tf

7TH AVE., 2400 (Apt. 51)—Room, neatly furnished, large and spacious. Call after 7 p. m.	May18-tf

7TH AVE., 2048 (Apt. 9)—Neatly furnished room to let; all conveniences. Refined man. Call after 6 evenings. Berrian.	May25-tf

7TH AVE., 2457—Furnished room, private, privileges, all improvements; suitable for couple or bachelors. No. 18. Dudley. Tel. Bradhurst 10093.	May25-tf

7TH AVE., 2400 (Apt. 27)—Small room, man or working girl, $3.50. Bradhurst 7385.

7TH AVE., 2400 (140th St., Apt. 64)—Large, neatly furnished room for couple.

7TH AVE., 2137 (Apt. 3)—Neatly furnished rooms, steam, hot water, running; conveniences.

7TH AVE., 2412 (Apt. 62)—Neatly furnished rooms; windows on avenue, water in room, conveniences.

7TH AVE., 2010 (Apt. 10)—Large comfortable room, reasonable. King. Monument 0209.

7TH AVE., 1971—Front room; large, light; reasonable; use of kitchen. Berry.

7TH AVE., 2412 (Apt. 28)—Large room, suitable for couple; every convenience.

7TH AVE., 2409 (Apt. 33)—Neatly furnished room, for gentleman; homelike. Mrs. May Freeman.

7TH AVE., 2160 (4th floor, west)—Furnished and unfurnished rooms; $5-$6.

7TH AVE., 1985 (Apt. 18)—Large, light, furnished room; all conveniences; elevator; rent reasonable. University 1350.
